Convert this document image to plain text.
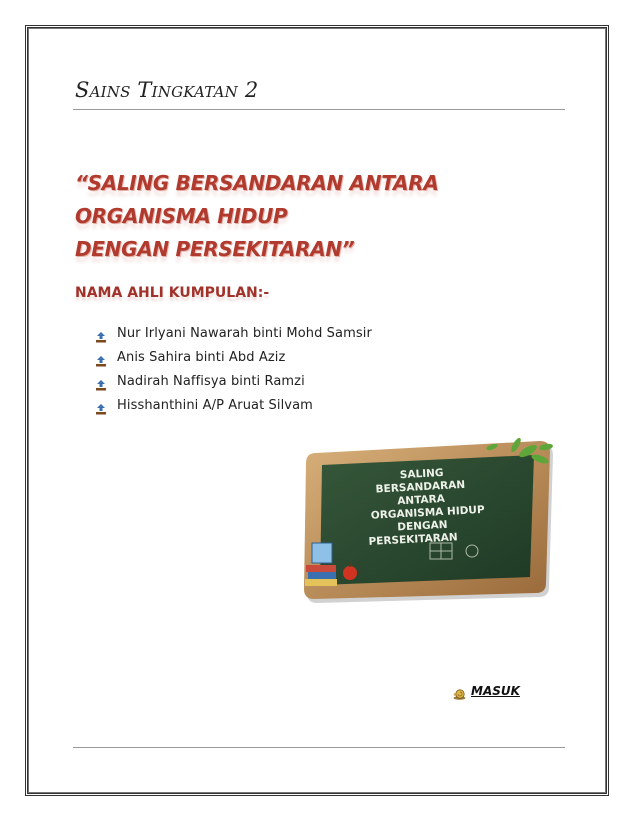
Sains Tingkatan 2
“SALING BERSANDARAN ANTARA ORGANISMA HIDUP
DENGAN PERSEKITARAN”
NAMA AHLI KUMPULAN:-
Nur Irlyani Nawarah binti Mohd Samsir
Anis Sahira binti Abd Aziz
Nadirah Naffisya binti Ramzi
Hisshanthini A/P Aruat Silvam
SALING
BERSANDARAN
ANTARA
ORGANISMA HIDUP
DENGAN
PERSEKITARAN
MASUK
